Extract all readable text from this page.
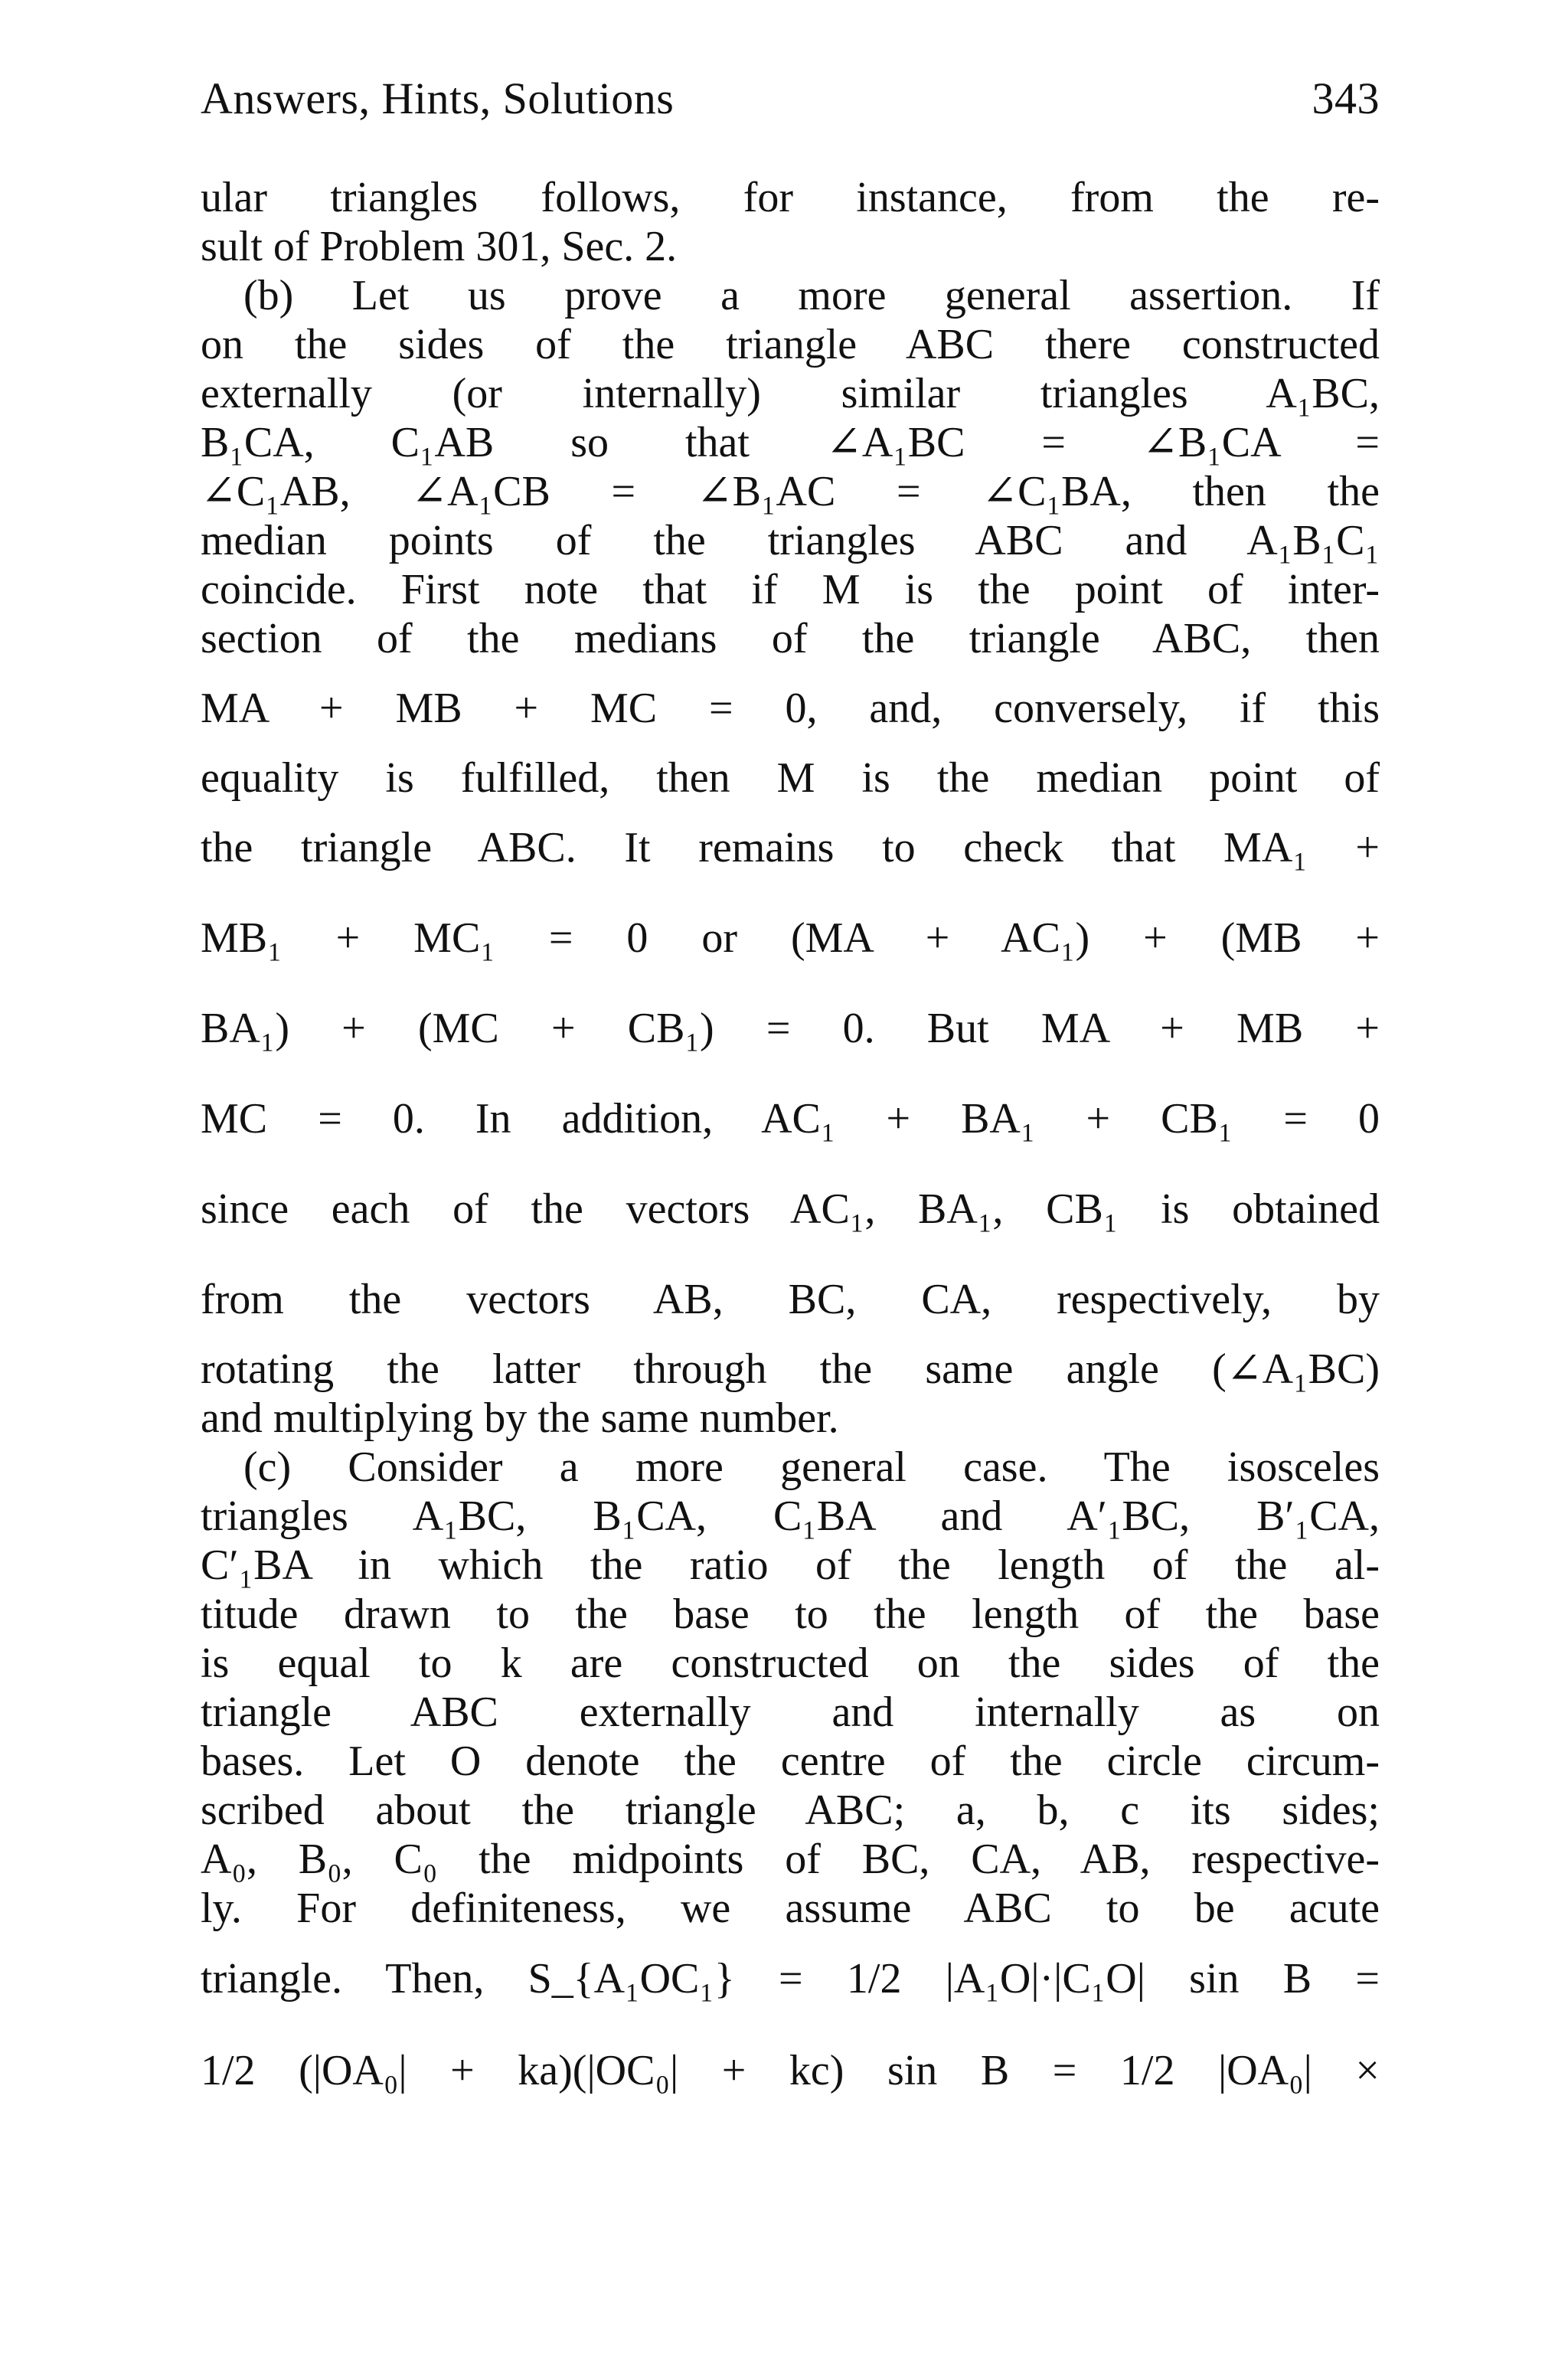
Answers, Hints, Solutions	343
ular triangles follows, for instance, from the re-
sult of Problem 301, Sec. 2.
(b) Let us prove a more general assertion. If
on the sides of the triangle ABC there constructed
externally (or internally) similar triangles A₁BC,
B₁CA, C₁AB so that ∠A₁BC = ∠B₁CA =
∠C₁AB, ∠A₁CB = ∠B₁AC = ∠C₁BA, then the
median points of the triangles ABC and A₁B₁C₁
coincide. First note that if M is the point of inter-
section of the medians of the triangle ABC, then
MA + MB + MC = 0, and, conversely, if this
equality is fulfilled, then M is the median point of
the triangle ABC. It remains to check that MA₁ +
MB₁ + MC₁ = 0 or (MA + AC₁) + (MB +
BA₁) + (MC + CB₁) = 0. But MA + MB +
MC = 0. In addition, AC₁ + BA₁ + CB₁ = 0
since each of the vectors AC₁, BA₁, CB₁ is obtained
from the vectors AB, BC, CA, respectively, by
rotating the latter through the same angle (∠A₁BC)
and multiplying by the same number.
(c) Consider a more general case. The isosceles
triangles A₁BC, B₁CA, C₁BA and A′₁BC, B′₁CA,
C′₁BA in which the ratio of the length of the al-
titude drawn to the base to the length of the base
is equal to k are constructed on the sides of the
triangle ABC externally and internally as on
bases. Let O denote the centre of the circle circum-
scribed about the triangle ABC; a, b, c its sides;
A₀, B₀, C₀ the midpoints of BC, CA, AB, respective-
ly. For definiteness, we assume ABC to be acute
triangle. Then, S_{A₁OC₁} = 1/2 |A₁O|·|C₁O| sin B =
1/2 (|OA₀| + ka)(|OC₀| + kc) sin B = 1/2 |OA₀| ×
